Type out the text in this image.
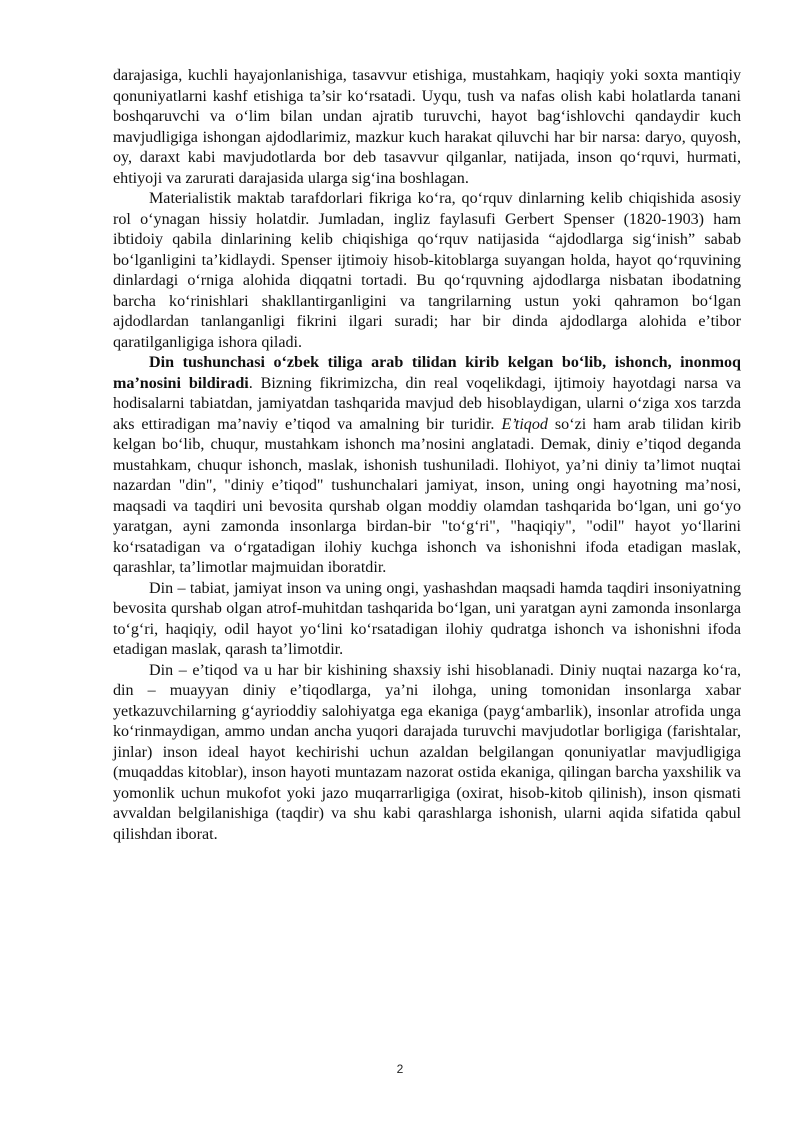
darajasiga, kuchli hayajonlanishiga, tasavvur etishiga, mustahkam, haqiqiy yoki soxta mantiqiy qonuniyatlarni kashf etishiga ta’sir ko‘rsatadi. Uyqu, tush va nafas olish kabi holatlarda tanani boshqaruvchi va o‘lim bilan undan ajratib turuvchi, hayot bag‘ishlovchi qandaydir kuch mavjudligiga ishongan ajdodlarimiz, mazkur kuch harakat qiluvchi har bir narsa: daryo, quyosh, oy, daraxt kabi mavjudotlarda bor deb tasavvur qilganlar, natijada, inson qo‘rquvi, hurmati, ehtiyoji va zarurati darajasida ularga sig‘ina boshlagan.

Materialistik maktab tarafdorlari fikriga ko‘ra, qo‘rquv dinlarning kelib chiqishida asosiy rol o‘ynagan hissiy holatdir. Jumladan, ingliz faylasufi Gerbert Spenser (1820-1903) ham ibtidoiy qabila dinlarining kelib chiqishiga qo‘rquv natijasida “ajdodlarga sig‘inish” sabab bo‘lganligini ta’kidlaydi. Spenser ijtimoiy hisob-kitoblarga suyangan holda, hayot qo‘rquvining dinlardagi o‘rniga alohida diqqatni tortadi. Bu qo‘rquvning ajdodlarga nisbatan ibodatning barcha ko‘rinishlari shakllantirganligini va tangrilarning ustun yoki qahramon bo‘lgan ajdodlardan tanlanganligi fikrini ilgari suradi; har bir dinda ajdodlarga alohida e’tibor qaratilganligiga ishora qiladi.

Din tushunchasi o‘zbek tiliga arab tilidan kirib kelgan bo‘lib, ishonch, inonmoq ma’nosini bildiradi. Bizning fikrimizcha, din real voqelikdagi, ijtimoiy hayotdagi narsa va hodisalarni tabiatdan, jamiyatdan tashqarida mavjud deb hisoblaydigan, ularni o‘ziga xos tarzda aks ettiradigan ma’naviy e’tiqod va amalning bir turidir. E’tiqod so‘zi ham arab tilidan kirib kelgan bo‘lib, chuqur, mustahkam ishonch ma’nosini anglatadi. Demak, diniy e’tiqod deganda mustahkam, chuqur ishonch, maslak, ishonish tushuniladi. Ilohiyot, ya’ni diniy ta’limot nuqtai nazardan "din", "diniy e’tiqod" tushunchalari jamiyat, inson, uning ongi hayotning ma’nosi, maqsadi va taqdiri uni bevosita qurshab olgan moddiy olamdan tashqarida bo‘lgan, uni go‘yo yaratgan, ayni zamonda insonlarga birdan-bir "to‘g‘ri", "haqiqiy", "odil" hayot yo‘llarini ko‘rsatadigan va o‘rgatadigan ilohiy kuchga ishonch va ishonishni ifoda etadigan maslak, qarashlar, ta’limotlar majmuidan iboratdir.

Din – tabiat, jamiyat inson va uning ongi, yashashdan maqsadi hamda taqdiri insoniyatning bevosita qurshab olgan atrof-muhitdan tashqarida bo‘lgan, uni yaratgan ayni zamonda insonlarga to‘g‘ri, haqiqiy, odil hayot yo‘lini ko‘rsatadigan ilohiy qudratga ishonch va ishonishni ifoda etadigan maslak, qarash ta’limotdir.

Din – e’tiqod va u har bir kishining shaxsiy ishi hisoblanadi. Diniy nuqtai nazarga ko‘ra, din – muayyan diniy e’tiqodlarga, ya’ni ilohga, uning tomonidan insonlarga xabar yetkazuvchilarning g‘ayrioddiy salohiyatga ega ekaniga (payg‘ambarlik), insonlar atrofida unga ko‘rinmaydigan, ammo undan ancha yuqori darajada turuvchi mavjudotlar borligiga (farishtalar, jinlar) inson ideal hayot kechirishi uchun azaldan belgilangan qonuniyatlar mavjudligiga (muqaddas kitoblar), inson hayoti muntazam nazorat ostida ekaniga, qilingan barcha yaxshilik va yomonlik uchun mukofot yoki jazo muqarrarligiga (oxirat, hisob-kitob qilinish), inson qismati avvaldan belgilanishiga (taqdir) va shu kabi qarashlarga ishonish, ularni aqida sifatida qabul qilishdan iborat.

2
